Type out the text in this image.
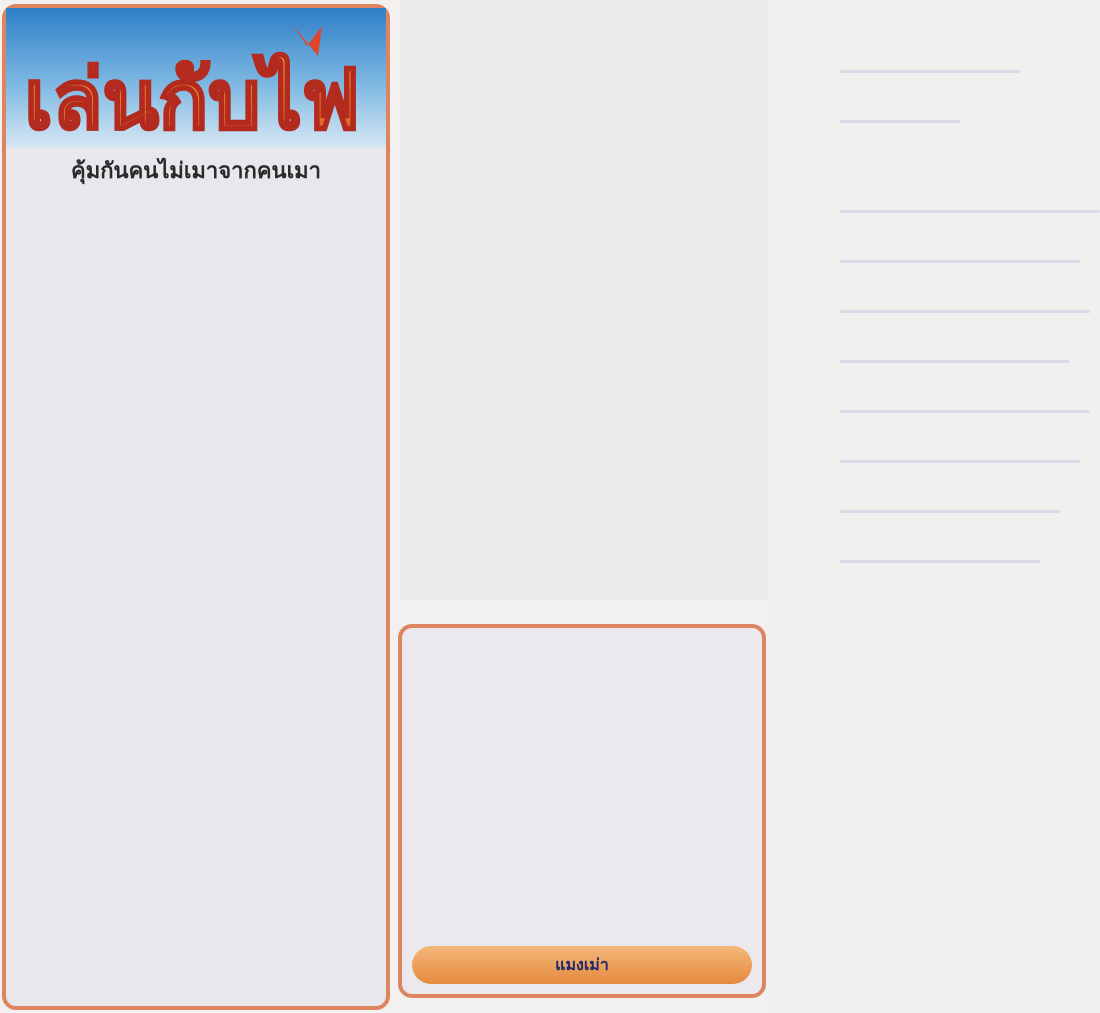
เล่นกับไฟ
คุ้มกันคนไม่เมาจากคนเมา
แมงเม่า
